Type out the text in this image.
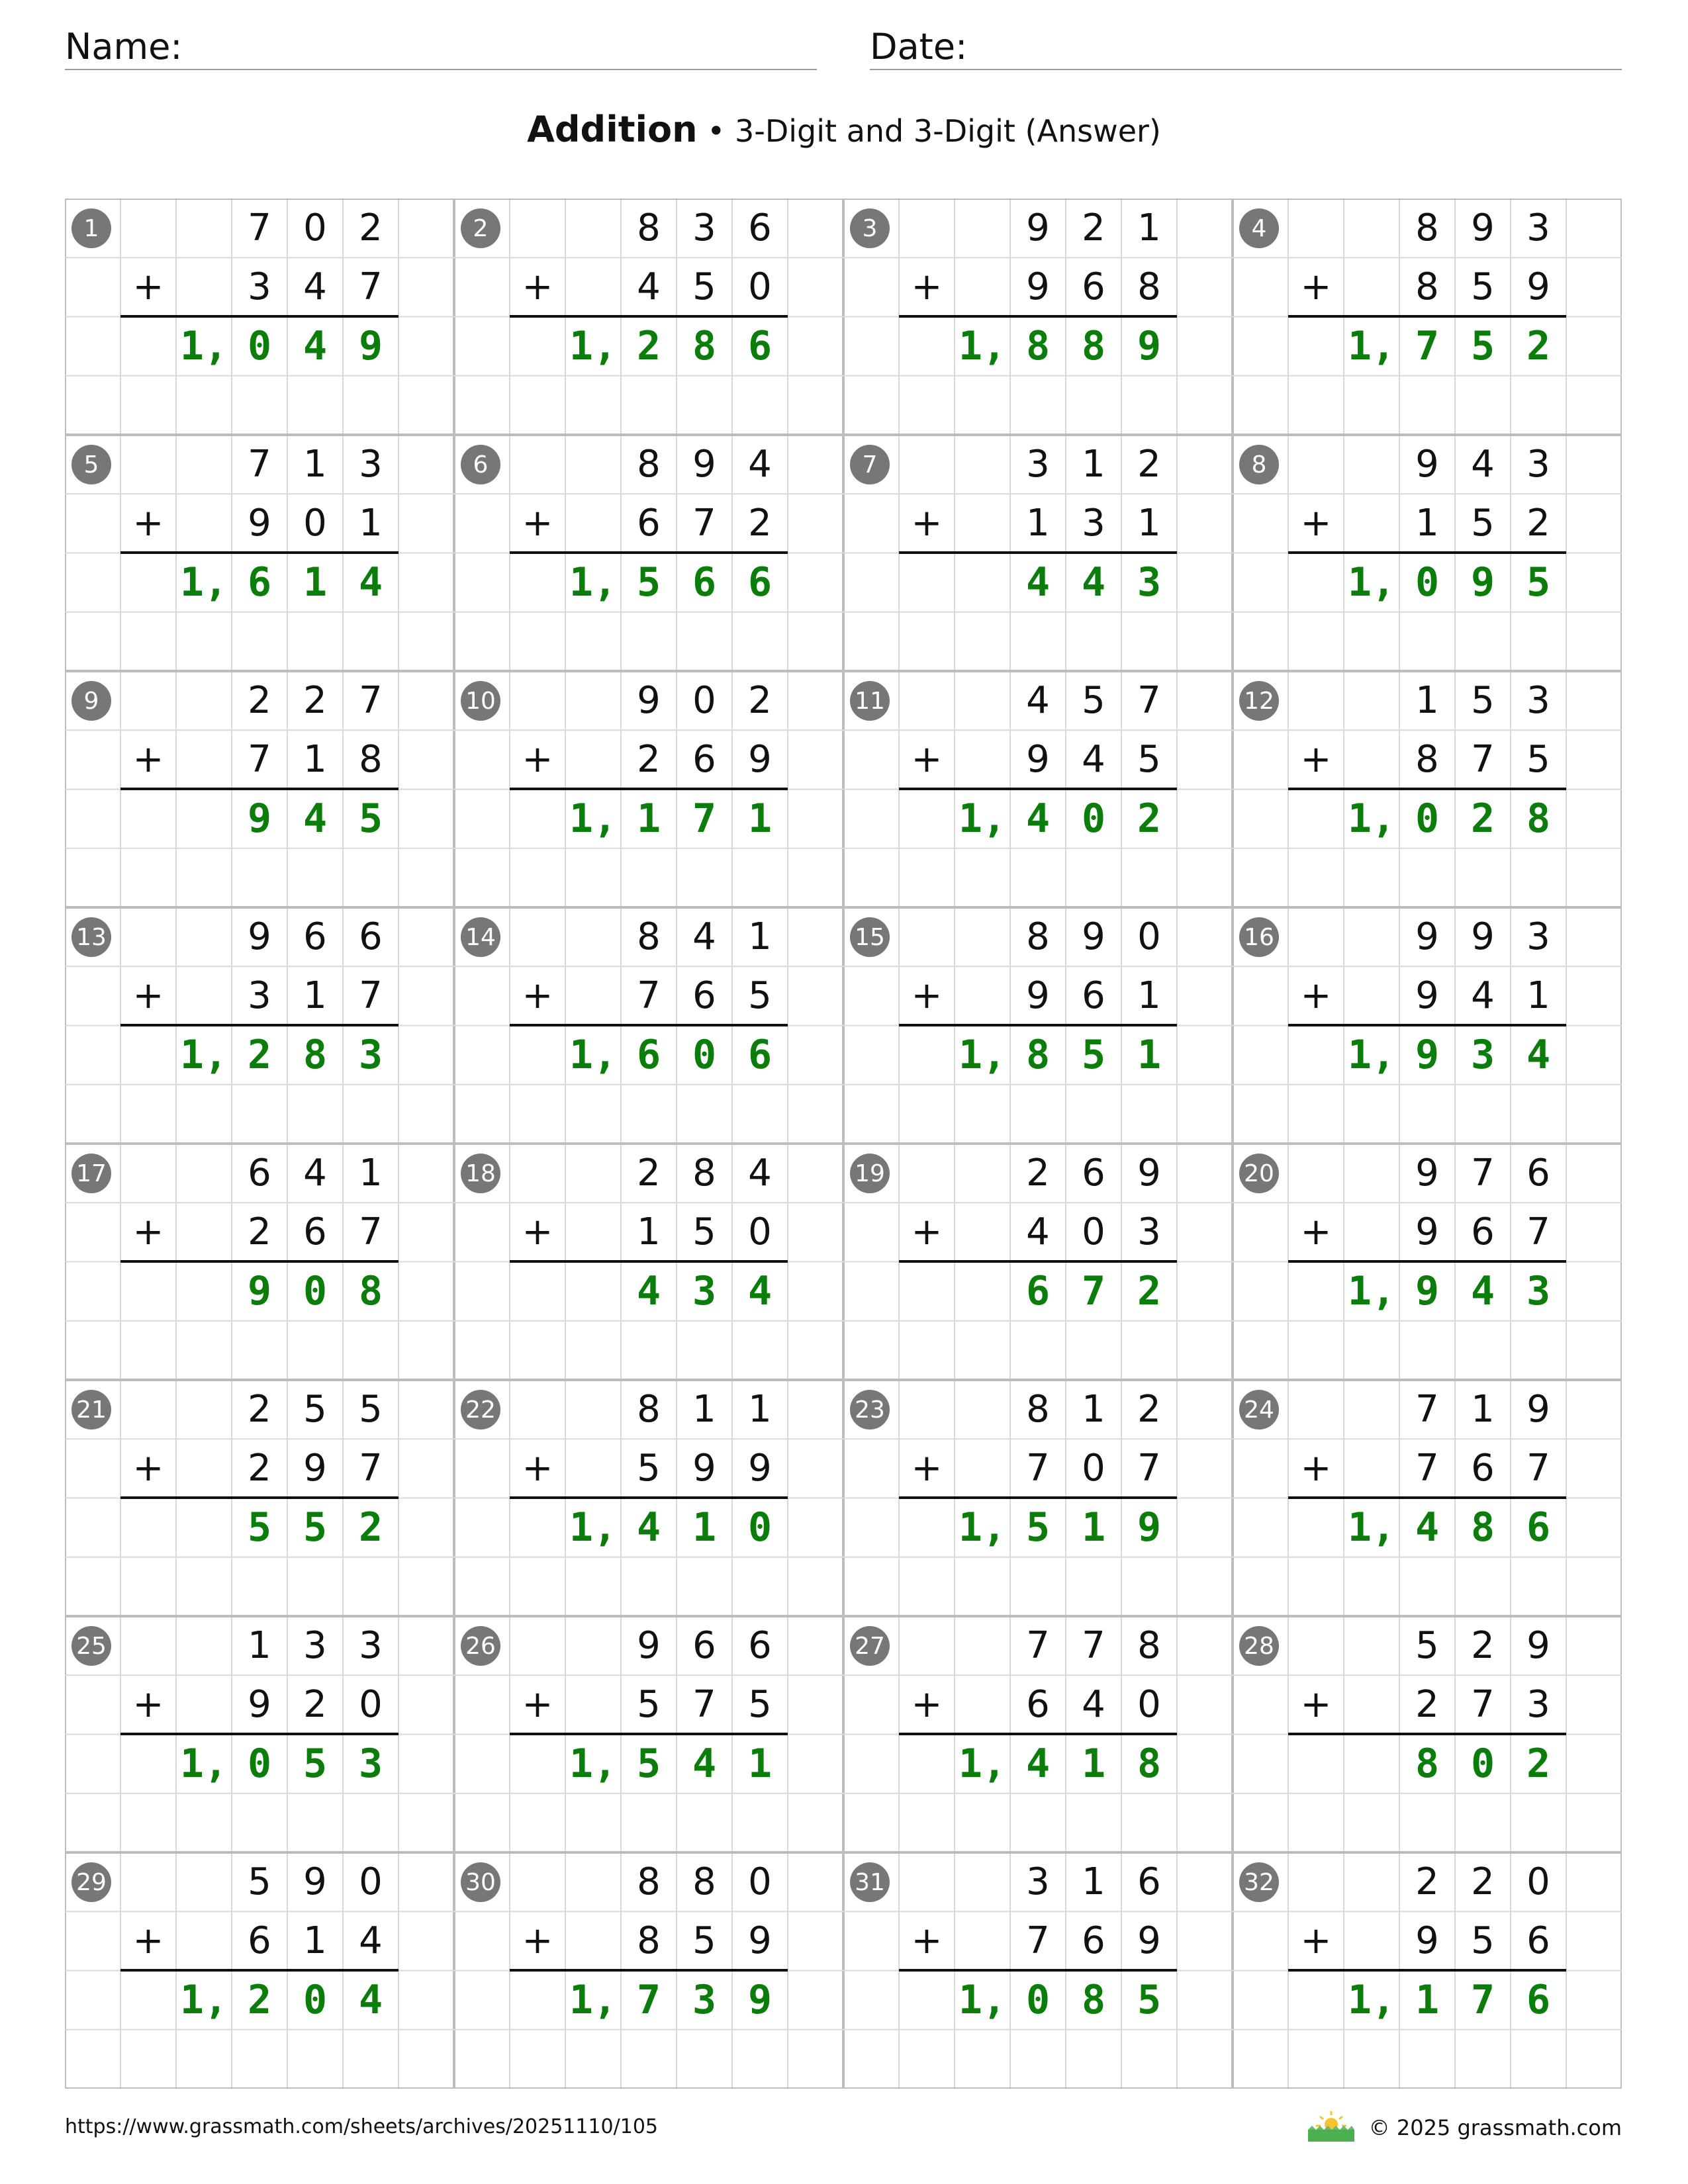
Name:	Date:
Addition • 3-Digit and 3-Digit (Answer)
1	7 0 2
+	3 4 7
1, 0 4 9
2	8 3 6
+	4 5 0
1, 2 8 6
3	9 2 1
+	9 6 8
1, 8 8 9
4	8 9 3
+	8 5 9
1, 7 5 2
5	7 1 3
+	9 0 1
1, 6 1 4
6	8 9 4
+	6 7 2
1, 5 6 6
7	3 1 2
+	1 3 1
4 4 3
8	9 4 3
+	1 5 2
1, 0 9 5
9	2 2 7
+	7 1 8
9 4 5
10	9 0 2
+	2 6 9
1, 1 7 1
11	4 5 7
+	9 4 5
1, 4 0 2
12	1 5 3
+	8 7 5
1, 0 2 8
13	9 6 6
+	3 1 7
1, 2 8 3
14	8 4 1
+	7 6 5
1, 6 0 6
15	8 9 0
+	9 6 1
1, 8 5 1
16	9 9 3
+	9 4 1
1, 9 3 4
17	6 4 1
+	2 6 7
9 0 8
18	2 8 4
+	1 5 0
4 3 4
19	2 6 9
+	4 0 3
6 7 2
20	9 7 6
+	9 6 7
1, 9 4 3
21	2 5 5
+	2 9 7
5 5 2
22	8 1 1
+	5 9 9
1, 4 1 0
23	8 1 2
+	7 0 7
1, 5 1 9
24	7 1 9
+	7 6 7
1, 4 8 6
25	1 3 3
+	9 2 0
1, 0 5 3
26	9 6 6
+	5 7 5
1, 5 4 1
27	7 7 8
+	6 4 0
1, 4 1 8
28	5 2 9
+	2 7 3
8 0 2
29	5 9 0
+	6 1 4
1, 2 0 4
30	8 8 0
+	8 5 9
1, 7 3 9
31	3 1 6
+	7 6 9
1, 0 8 5
32	2 2 0
+	9 5 6
1, 1 7 6
https://www.grassmath.com/sheets/archives/20251110/105	© 2025 grassmath.com
